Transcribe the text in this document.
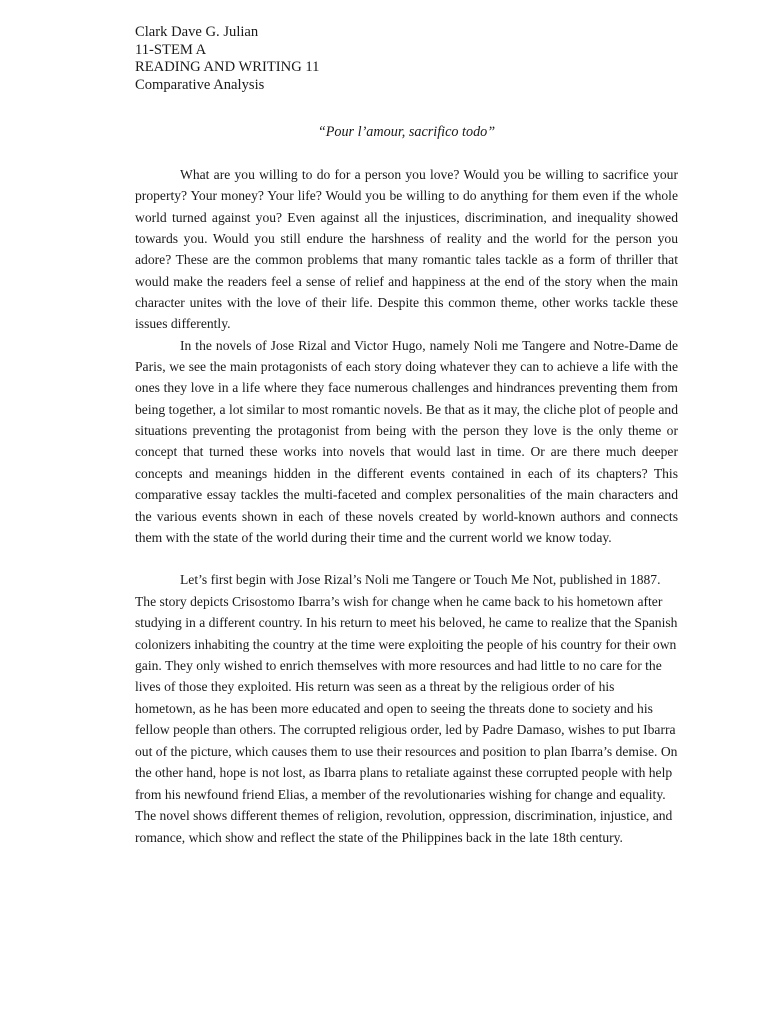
Clark Dave G. Julian

11-STEM A

READING AND WRITING 11

Comparative Analysis

“Pour l’amour, sacrifico todo”

What are you willing to do for a person you love? Would you be willing to sacrifice your property? Your money? Your life? Would you be willing to do anything for them even if the whole world turned against you? Even against all the injustices, discrimination, and inequality showed towards you. Would you still endure the harshness of reality and the world for the person you adore? These are the common problems that many romantic tales tackle as a form of thriller that would make the readers feel a sense of relief and happiness at the end of the story when the main character unites with the love of their life. Despite this common theme, other works tackle these issues differently.

In the novels of Jose Rizal and Victor Hugo, namely Noli me Tangere and Notre-Dame de Paris, we see the main protagonists of each story doing whatever they can to achieve a life with the ones they love in a life where they face numerous challenges and hindrances preventing them from being together, a lot similar to most romantic novels. Be that as it may, the cliche plot of people and situations preventing the protagonist from being with the person they love is the only theme or concept that turned these works into novels that would last in time. Or are there much deeper concepts and meanings hidden in the different events contained in each of its chapters? This comparative essay tackles the multi-faceted and complex personalities of the main characters and the various events shown in each of these novels created by world-known authors and connects them with the state of the world during their time and the current world we know today.

Let’s first begin with Jose Rizal’s Noli me Tangere or Touch Me Not, published in 1887. The story depicts Crisostomo Ibarra’s wish for change when he came back to his hometown after studying in a different country. In his return to meet his beloved, he came to realize that the Spanish colonizers inhabiting the country at the time were exploiting the people of his country for their own gain. They only wished to enrich themselves with more resources and had little to no care for the lives of those they exploited. His return was seen as a threat by the religious order of his hometown, as he has been more educated and open to seeing the threats done to society and his fellow people than others. The corrupted religious order, led by Padre Damaso, wishes to put Ibarra out of the picture, which causes them to use their resources and position to plan Ibarra’s demise. On the other hand, hope is not lost, as Ibarra plans to retaliate against these corrupted people with help from his newfound friend Elias, a member of the revolutionaries wishing for change and equality. The novel shows different themes of religion, revolution, oppression, discrimination, injustice, and romance, which show and reflect the state of the Philippines back in the late 18th century.
